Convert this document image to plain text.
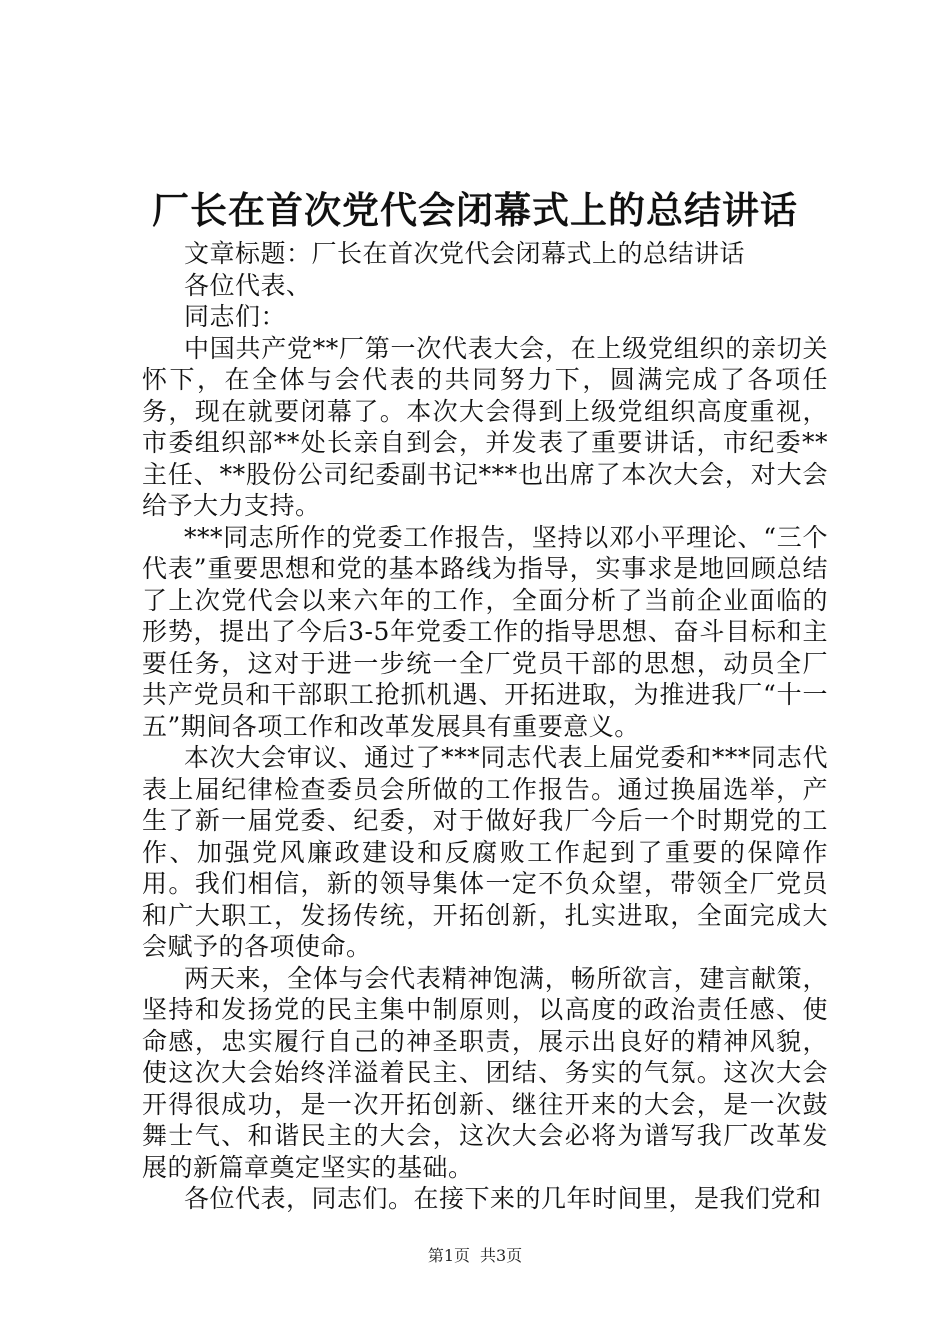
厂长在首次党代会闭幕式上的总结讲话

文章标题：厂长在首次党代会闭幕式上的总结讲话

各位代表、

同志们：

中国共产党**厂第一次代表大会，在上级党组织的亲切关怀下，在全体与会代表的共同努力下，圆满完成了各项任务，现在就要闭幕了。本次大会得到上级党组织高度重视，市委组织部**处长亲自到会，并发表了重要讲话，市纪委**主任、**股份公司纪委副书记***也出席了本次大会，对大会给予大力支持。

***同志所作的党委工作报告，坚持以邓小平理论、“三个代表”重要思想和党的基本路线为指导，实事求是地回顾总结了上次党代会以来六年的工作，全面分析了当前企业面临的形势，提出了今后3-5年党委工作的指导思想、奋斗目标和主要任务，这对于进一步统一全厂党员干部的思想，动员全厂共产党员和干部职工抢抓机遇、开拓进取，为推进我厂“十一五”期间各项工作和改革发展具有重要意义。

本次大会审议、通过了***同志代表上届党委和***同志代表上届纪律检查委员会所做的工作报告。通过换届选举，产生了新一届党委、纪委，对于做好我厂今后一个时期党的工作、加强党风廉政建设和反腐败工作起到了重要的保障作用。我们相信，新的领导集体一定不负众望，带领全厂党员和广大职工，发扬传统，开拓创新，扎实进取，全面完成大会赋予的各项使命。

两天来，全体与会代表精神饱满，畅所欲言，建言献策，坚持和发扬党的民主集中制原则，以高度的政治责任感、使命感，忠实履行自己的神圣职责，展示出良好的精神风貌，使这次大会始终洋溢着民主、团结、务实的气氛。这次大会开得很成功，是一次开拓创新、继往开来的大会，是一次鼓舞士气、和谐民主的大会，这次大会必将为谱写我厂改革发展的新篇章奠定坚实的基础。

各位代表，同志们。在接下来的几年时间里，是我们党和

第1页 共3页
